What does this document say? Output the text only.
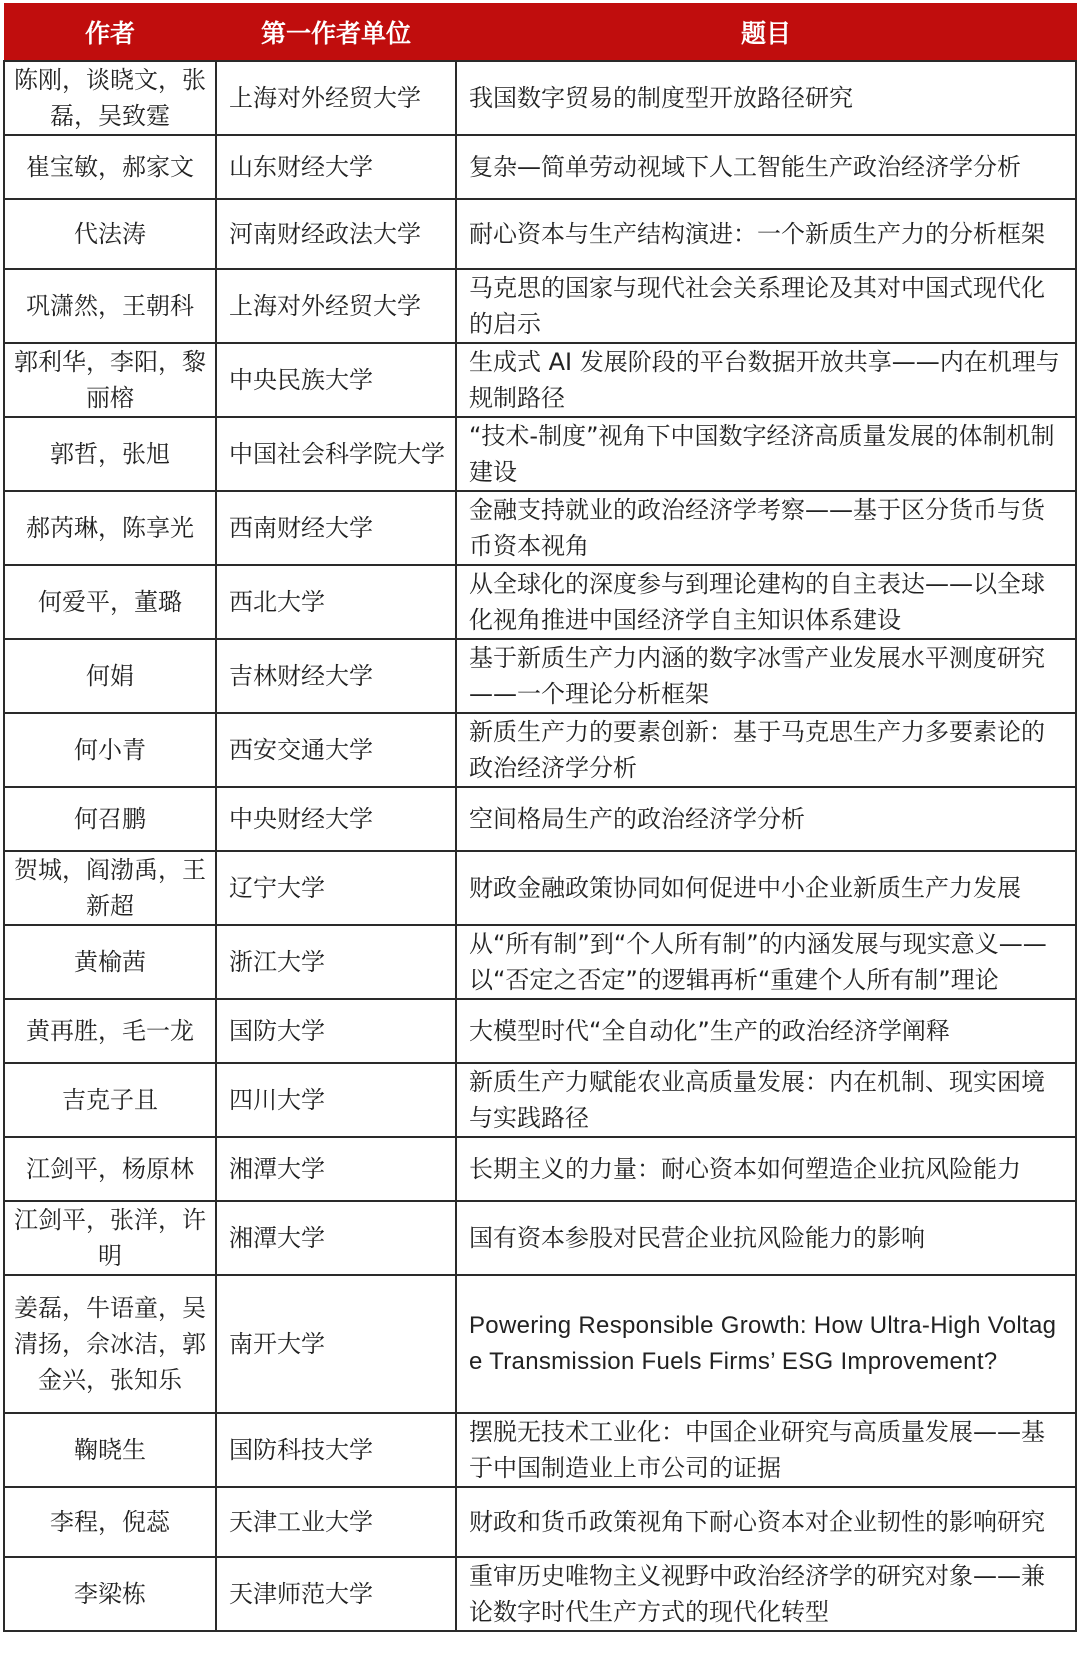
作者	第一作者单位	题目
陈刚，谈晓文，张磊，吴致霆	上海对外经贸大学	我国数字贸易的制度型开放路径研究
崔宝敏，郝家文	山东财经大学	复杂—简单劳动视域下人工智能生产政治经济学分析
代法涛	河南财经政法大学	耐心资本与生产结构演进：一个新质生产力的分析框架
巩潇然，王朝科	上海对外经贸大学	马克思的国家与现代社会关系理论及其对中国式现代化的启示
郭利华，李阳，黎丽榕	中央民族大学	生成式 AI 发展阶段的平台数据开放共享——内在机理与规制路径
郭哲，张旭	中国社会科学院大学	“技术-制度”视角下中国数字经济高质量发展的体制机制建设
郝芮琳，陈享光	西南财经大学	金融支持就业的政治经济学考察——基于区分货币与货币资本视角
何爱平，董璐	西北大学	从全球化的深度参与到理论建构的自主表达——以全球化视角推进中国经济学自主知识体系建设
何娟	吉林财经大学	基于新质生产力内涵的数字冰雪产业发展水平测度研究——一个理论分析框架
何小青	西安交通大学	新质生产力的要素创新：基于马克思生产力多要素论的政治经济学分析
何召鹏	中央财经大学	空间格局生产的政治经济学分析
贺城，阎渤禹，王新超	辽宁大学	财政金融政策协同如何促进中小企业新质生产力发展
黄榆茜	浙江大学	从“所有制”到“个人所有制”的内涵发展与现实意义——以“否定之否定”的逻辑再析“重建个人所有制”理论
黄再胜，毛一龙	国防大学	大模型时代“全自动化”生产的政治经济学阐释
吉克子且	四川大学	新质生产力赋能农业高质量发展：内在机制、现实困境与实践路径
江剑平，杨原林	湘潭大学	长期主义的力量：耐心资本如何塑造企业抗风险能力
江剑平，张洋，许明	湘潭大学	国有资本参股对民营企业抗风险能力的影响
姜磊，牛语童，吴清扬，佘冰洁，郭金兴，张知乐	南开大学	Powering Responsible Growth: How Ultra-High Voltage Transmission Fuels Firms’ ESG Improvement?
鞠晓生	国防科技大学	摆脱无技术工业化：中国企业研究与高质量发展——基于中国制造业上市公司的证据
李程，倪蕊	天津工业大学	财政和货币政策视角下耐心资本对企业韧性的影响研究
李梁栋	天津师范大学	重审历史唯物主义视野中政治经济学的研究对象——兼论数字时代生产方式的现代化转型
